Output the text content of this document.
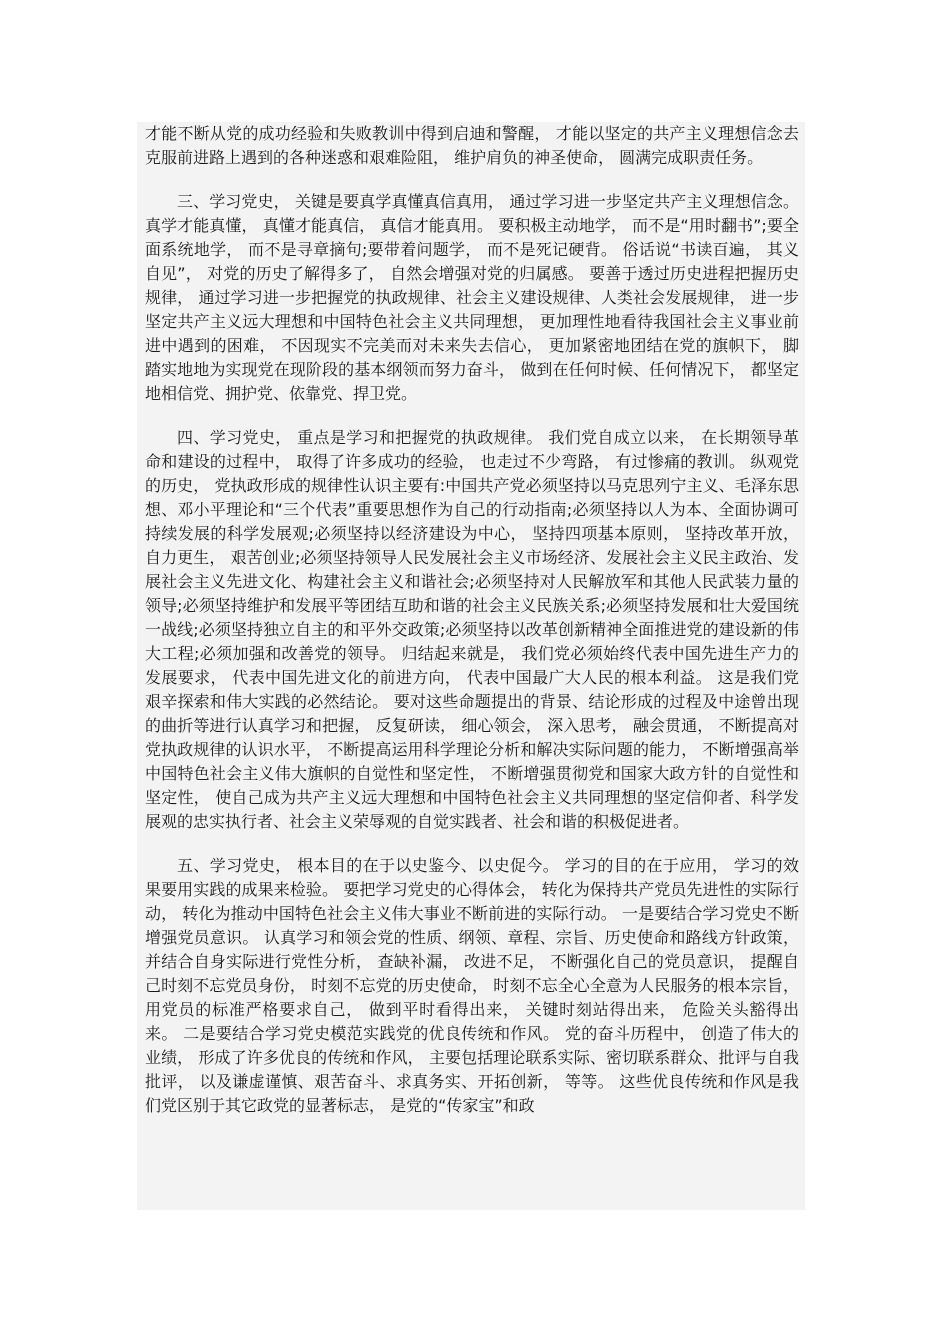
才能不断从党的成功经验和失败教训中得到启迪和警醒， 才能以坚定的共产主义理想信念去克服前进路上遇到的各种迷惑和艰难险阻， 维护肩负的神圣使命， 圆满完成职责任务。

三、学习党史， 关键是要真学真懂真信真用， 通过学习进一步坚定共产主义理想信念。 真学才能真懂， 真懂才能真信， 真信才能真用。 要积极主动地学， 而不是“用时翻书”;要全面系统地学， 而不是寻章摘句;要带着问题学， 而不是死记硬背。 俗话说“书读百遍， 其义自见”， 对党的历史了解得多了， 自然会增强对党的归属感。 要善于透过历史进程把握历史规律， 通过学习进一步把握党的执政规律、社会主义建设规律、人类社会发展规律， 进一步坚定共产主义远大理想和中国特色社会主义共同理想， 更加理性地看待我国社会主义事业前进中遇到的困难， 不因现实不完美而对未来失去信心， 更加紧密地团结在党的旗帜下， 脚踏实地地为实现党在现阶段的基本纲领而努力奋斗， 做到在任何时候、任何情况下， 都坚定地相信党、拥护党、依靠党、捍卫党。

四、学习党史， 重点是学习和把握党的执政规律。 我们党自成立以来， 在长期领导革命和建设的过程中， 取得了许多成功的经验， 也走过不少弯路， 有过惨痛的教训。 纵观党的历史， 党执政形成的规律性认识主要有:中国共产党必须坚持以马克思列宁主义、毛泽东思想、邓小平理论和“三个代表”重要思想作为自己的行动指南;必须坚持以人为本、全面协调可持续发展的科学发展观;必须坚持以经济建设为中心， 坚持四项基本原则， 坚持改革开放， 自力更生， 艰苦创业;必须坚持领导人民发展社会主义市场经济、发展社会主义民主政治、发展社会主义先进文化、构建社会主义和谐社会;必须坚持对人民解放军和其他人民武装力量的领导;必须坚持维护和发展平等团结互助和谐的社会主义民族关系;必须坚持发展和壮大爱国统一战线;必须坚持独立自主的和平外交政策;必须坚持以改革创新精神全面推进党的建设新的伟大工程;必须加强和改善党的领导。 归结起来就是， 我们党必须始终代表中国先进生产力的发展要求， 代表中国先进文化的前进方向， 代表中国最广大人民的根本利益。 这是我们党艰辛探索和伟大实践的必然结论。 要对这些命题提出的背景、结论形成的过程及中途曾出现的曲折等进行认真学习和把握， 反复研读， 细心领会， 深入思考， 融会贯通， 不断提高对党执政规律的认识水平， 不断提高运用科学理论分析和解决实际问题的能力， 不断增强高举中国特色社会主义伟大旗帜的自觉性和坚定性， 不断增强贯彻党和国家大政方针的自觉性和坚定性， 使自己成为共产主义远大理想和中国特色社会主义共同理想的坚定信仰者、科学发展观的忠实执行者、社会主义荣辱观的自觉实践者、社会和谐的积极促进者。

五、学习党史， 根本目的在于以史鉴今、以史促今。 学习的目的在于应用， 学习的效果要用实践的成果来检验。 要把学习党史的心得体会， 转化为保持共产党员先进性的实际行动， 转化为推动中国特色社会主义伟大事业不断前进的实际行动。 一是要结合学习党史不断增强党员意识。 认真学习和领会党的性质、纲领、章程、宗旨、历史使命和路线方针政策， 并结合自身实际进行党性分析， 查缺补漏， 改进不足， 不断强化自己的党员意识， 提醒自己时刻不忘党员身份， 时刻不忘党的历史使命， 时刻不忘全心全意为人民服务的根本宗旨， 用党员的标准严格要求自己， 做到平时看得出来， 关键时刻站得出来， 危险关头豁得出来。 二是要结合学习党史模范实践党的优良传统和作风。 党的奋斗历程中， 创造了伟大的业绩， 形成了许多优良的传统和作风， 主要包括理论联系实际、密切联系群众、批评与自我批评， 以及谦虚谨慎、艰苦奋斗、求真务实、开拓创新， 等等。 这些优良传统和作风是我们党区别于其它政党的显著标志， 是党的“传家宝”和政
